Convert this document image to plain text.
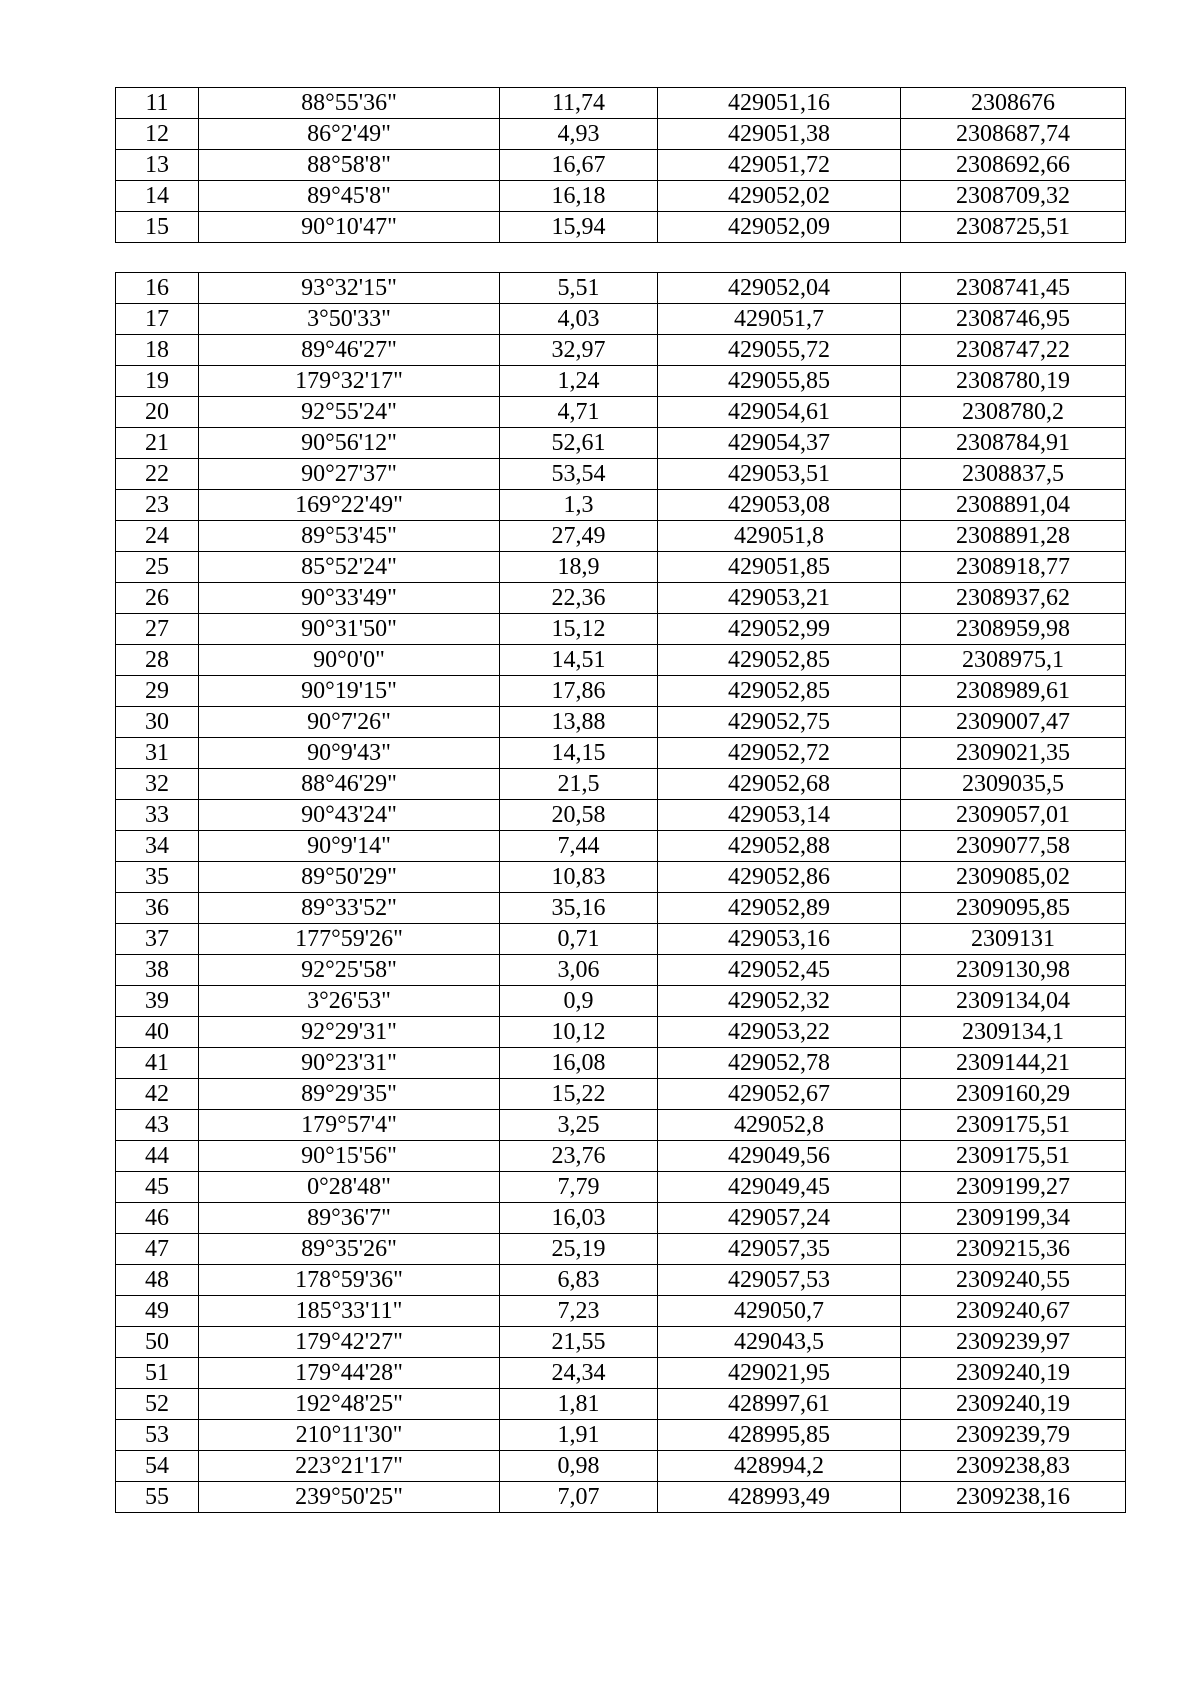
11	88°55'36"	11,74	429051,16	2308676
12	86°2'49"	4,93	429051,38	2308687,74
13	88°58'8"	16,67	429051,72	2308692,66
14	89°45'8"	16,18	429052,02	2308709,32
15	90°10'47"	15,94	429052,09	2308725,51
16	93°32'15"	5,51	429052,04	2308741,45
17	3°50'33"	4,03	429051,7	2308746,95
18	89°46'27"	32,97	429055,72	2308747,22
19	179°32'17"	1,24	429055,85	2308780,19
20	92°55'24"	4,71	429054,61	2308780,2
21	90°56'12"	52,61	429054,37	2308784,91
22	90°27'37"	53,54	429053,51	2308837,5
23	169°22'49"	1,3	429053,08	2308891,04
24	89°53'45"	27,49	429051,8	2308891,28
25	85°52'24"	18,9	429051,85	2308918,77
26	90°33'49"	22,36	429053,21	2308937,62
27	90°31'50"	15,12	429052,99	2308959,98
28	90°0'0"	14,51	429052,85	2308975,1
29	90°19'15"	17,86	429052,85	2308989,61
30	90°7'26"	13,88	429052,75	2309007,47
31	90°9'43"	14,15	429052,72	2309021,35
32	88°46'29"	21,5	429052,68	2309035,5
33	90°43'24"	20,58	429053,14	2309057,01
34	90°9'14"	7,44	429052,88	2309077,58
35	89°50'29"	10,83	429052,86	2309085,02
36	89°33'52"	35,16	429052,89	2309095,85
37	177°59'26"	0,71	429053,16	2309131
38	92°25'58"	3,06	429052,45	2309130,98
39	3°26'53"	0,9	429052,32	2309134,04
40	92°29'31"	10,12	429053,22	2309134,1
41	90°23'31"	16,08	429052,78	2309144,21
42	89°29'35"	15,22	429052,67	2309160,29
43	179°57'4"	3,25	429052,8	2309175,51
44	90°15'56"	23,76	429049,56	2309175,51
45	0°28'48"	7,79	429049,45	2309199,27
46	89°36'7"	16,03	429057,24	2309199,34
47	89°35'26"	25,19	429057,35	2309215,36
48	178°59'36"	6,83	429057,53	2309240,55
49	185°33'11"	7,23	429050,7	2309240,67
50	179°42'27"	21,55	429043,5	2309239,97
51	179°44'28"	24,34	429021,95	2309240,19
52	192°48'25"	1,81	428997,61	2309240,19
53	210°11'30"	1,91	428995,85	2309239,79
54	223°21'17"	0,98	428994,2	2309238,83
55	239°50'25"	7,07	428993,49	2309238,16
